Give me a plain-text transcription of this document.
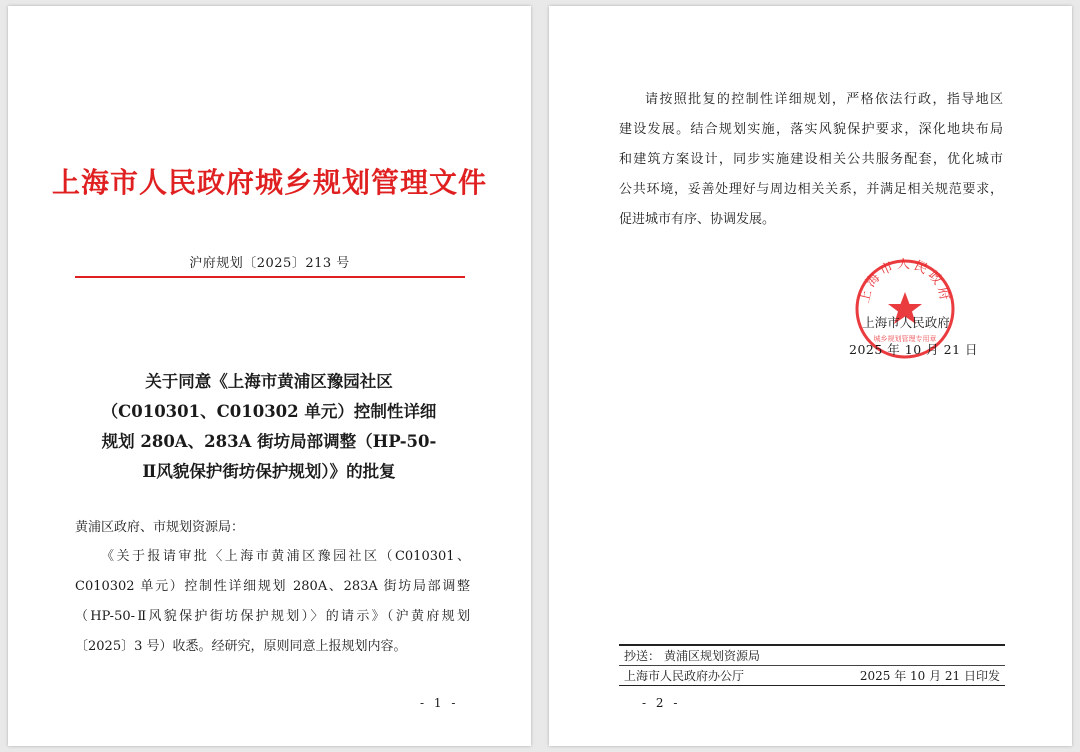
上海市人民政府城乡规划管理文件
沪府规划〔2025〕213 号
关于同意《上海市黄浦区豫园社区
（C010301、C010302 单元）控制性详细
规划 280A、283A 街坊局部调整（HP-50-
Ⅱ风貌保护街坊保护规划）》的批复
黄浦区政府、市规划资源局：
《关于报请审批〈上海市黄浦区豫园社区（C010301、
C010302 单元）控制性详细规划 280A、283A 街坊局部调整
（HP-50-Ⅱ风貌保护街坊保护规划）〉的请示》（沪黄府规划
〔2025〕3 号）收悉。经研究，原则同意上报规划内容。
- 1 -
请按照批复的控制性详细规划，严格依法行政，指导地区
建设发展。结合规划实施，落实风貌保护要求，深化地块布局
和建筑方案设计，同步实施建设相关公共服务配套，优化城市
公共环境，妥善处理好与周边相关关系，并满足相关规范要求，
促进城市有序、协调发展。
上海市人民政府
城乡规划管理专用章
上海市人民政府
2025 年 10 月 21 日
抄送： 黄浦区规划资源局
上海市人民政府办公厅	2025 年 10 月 21 日印发
- 2 -
